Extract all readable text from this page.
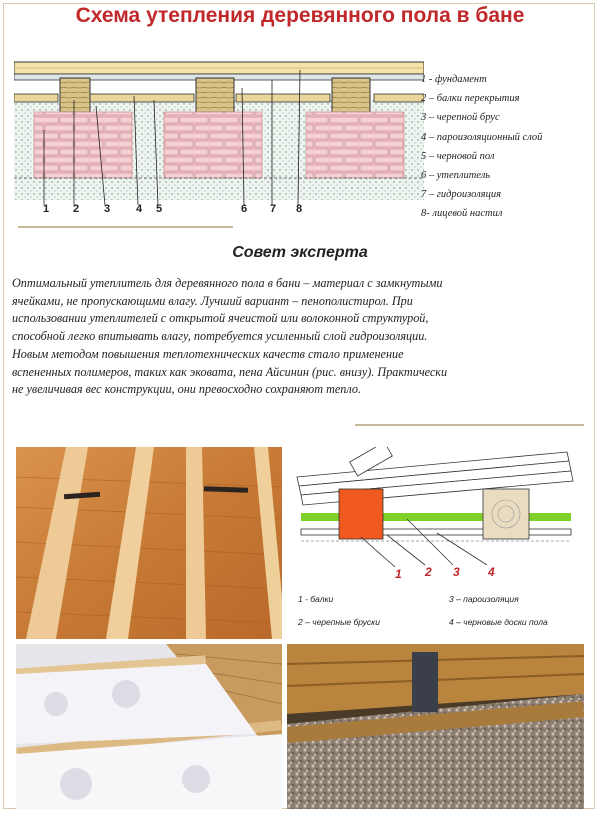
Схема утепления деревянного пола в бане
1 2 3 4 5	6 7 8
1 - фундамент
2 – балки перекрытия
3 – черепной брус
4 – пароизоляционный слой
5 – черновой пол
6 – утеплитель
7 – гидроизоляция
8- лицевой настил
Совет эксперта
Оптимальный утеплитель для деревянного пола в бани – материал с замкнутыми
ячейками, не пропускающими влагу. Лучший вариант – пенополистирол. При
использовании утеплителей с открытой ячеистой или волоконной структурой,
способной легко впитывать влагу, потребуется усиленный слой гидроизоляции.
Новым методом повышения теплотехнических качеств стало применение
вспененных полимеров, таких как эковата, пена Айсинин (рис. внизу). Практически
не увеличивая вес конструкции, они превосходно сохраняют тепло.
1 2 3 4
1 - балки	3 – пароизоляция
2 – черепные бруски	4 – черновые доски пола
